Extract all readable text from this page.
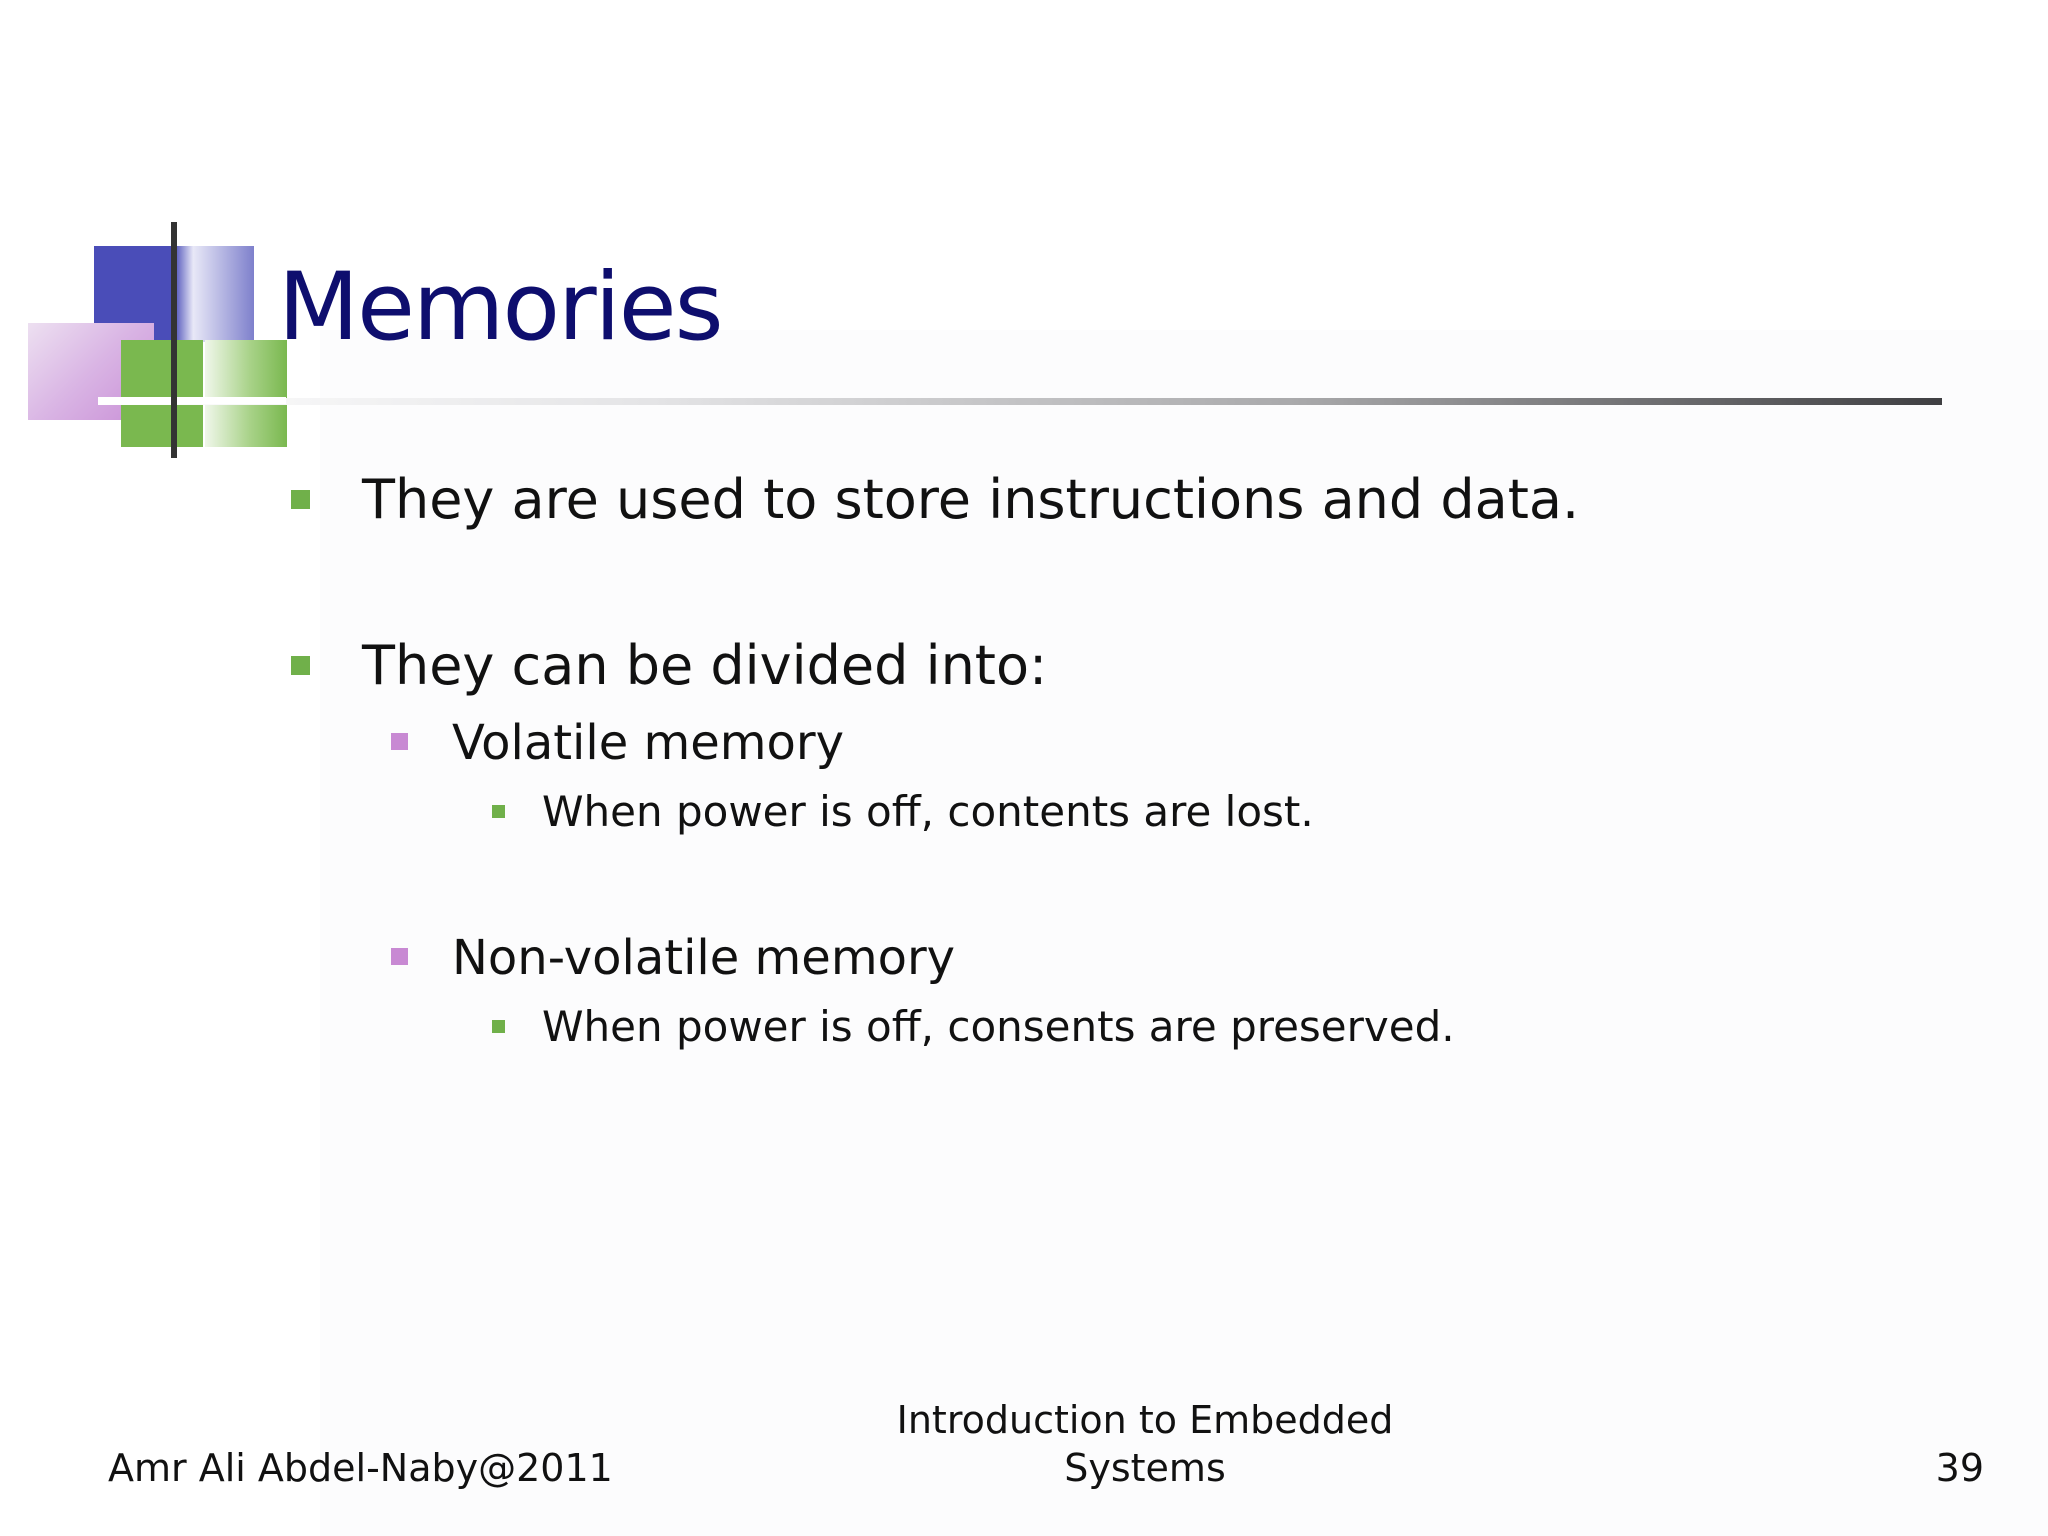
Memories
They are used to store instructions and data.
They can be divided into:
Volatile memory
When power is off, contents are lost.
Non-volatile memory
When power is off, consents are preserved.
Amr Ali Abdel-Naby@2011
Introduction to Embedded
Systems	39
